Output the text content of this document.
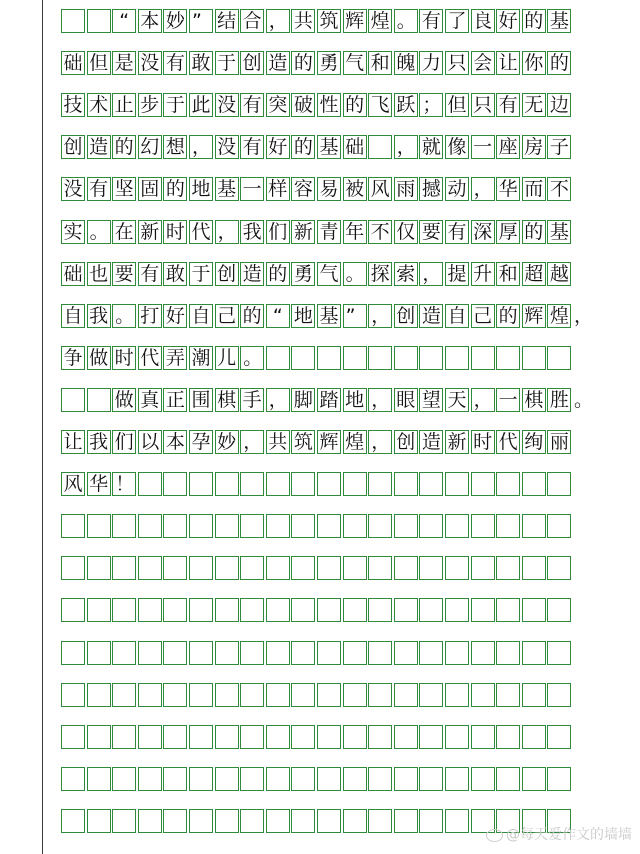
“ 本 妙 ” 结 合 ， 共 筑 辉 煌 。 有 了 良 好 的 基
础 但 是 没 有 敢 于 创 造 的 勇 气 和 魄 力 只 会 让 你 的
技 术 止 步 于 此 没 有 突 破 性 的 飞 跃 ； 但 只 有 无 边
创 造 的 幻 想 ， 没 有 好 的 基 础 ， 就 像 一 座 房 子
没 有 坚 固 的 地 基 一 样 容 易 被 风 雨 撼 动 ， 华 而 不
实 。 在 新 时 代 ， 我 们 新 青 年 不 仅 要 有 深 厚 的 基
础 也 要 有 敢 于 创 造 的 勇 气 。 探 索 ， 提 升 和 超 越
自 我 。 打 好 自 己 的 “ 地 基 ” ， 创 造 自 己 的 辉 煌 ，
争 做 时 代 弄 潮 儿 。
做 真 正 围 棋 手 ， 脚 踏 地 ， 眼 望 天 ， 一 棋 胜 。
让 我 们 以 本 孕 妙 ， 共 筑 辉 煌 ， 创 造 新 时 代 绚 丽
风 华 ！
@每天爱作文的墙墙
